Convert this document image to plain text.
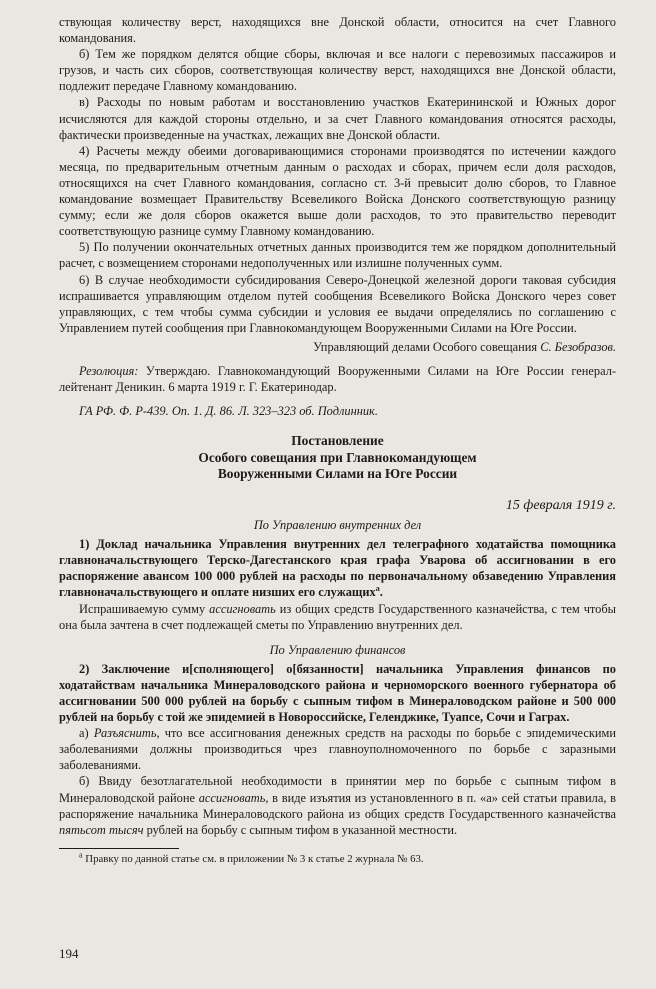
ствующая количеству верст, находящихся вне Донской области, относится на счет Главного командования.

б) Тем же порядком делятся общие сборы, включая и все налоги с перевозимых пассажиров и грузов, и часть сих сборов, соответствующая количеству верст, находящихся вне Донской области, подлежит передаче Главному командованию.

в) Расходы по новым работам и восстановлению участков Екатерининской и Южных дорог исчисляются для каждой стороны отдельно, и за счет Главного командования относятся расходы, фактически произведенные на участках, лежащих вне Донской области.

4) Расчеты между обеими договаривающимися сторонами производятся по истечении каждого месяца, по предварительным отчетным данным о расходах и сборах, причем если доля расходов, относящихся на счет Главного командования, согласно ст. 3-й превысит долю сборов, то Главное командование возмещает Правительству Всевеликого Войска Донского соответствующую разницу сумму; если же доля сборов окажется выше доли расходов, то это правительство переводит соответствующую разнице сумму Главному командованию.

5) По получении окончательных отчетных данных производится тем же порядком дополнительный расчет, с возмещением сторонами недополученных или излишне полученных сумм.

6) В случае необходимости субсидирования Северо-Донецкой железной дороги таковая субсидия испрашивается управляющим отделом путей сообщения Всевеликого Войска Донского через совет управляющих, с тем чтобы сумма субсидии и условия ее выдачи определялись по соглашению с Управлением путей сообщения при Главнокомандующем Вооруженными Силами на Юге России.

Управляющий делами Особого совещания С. Безобразов.

Резолюция: Утверждаю. Главнокомандующий Вооруженными Силами на Юге России генерал-лейтенант Деникин. 6 марта 1919 г. Г. Екатеринодар.

ГА РФ. Ф. Р-439. Оп. 1. Д. 86. Л. 323–323 об. Подлинник.

Постановление

Особого совещания при Главнокомандующем

Вооруженными Силами на Юге России

15 февраля 1919 г.

По Управлению внутренних дел

1) Доклад начальника Управления внутренних дел телеграфного ходатайства помощника главноначальствующего Терско-Дагестанского края графа Уварова об ассигновании в его распоряжение авансом 100 000 рублей на расходы по первоначальному обзаведению Управления главноначальствующего и оплате низших его служащих$^а$.

Испрашиваемую сумму ассигновать из общих средств Государственного казначейства, с тем чтобы она была зачтена в счет подлежащей сметы по Управлению внутренних дел.

По Управлению финансов

2) Заключение и[сполняющего] о[бязанности] начальника Управления финансов по ходатайствам начальника Минераловодского района и черноморского военного губернатора об ассигновании 500 000 рублей на борьбу с сыпным тифом в Минераловодском районе и 500 000 рублей на борьбу с той же эпидемией в Новороссийске, Геленджике, Туапсе, Сочи и Гаграх.

а) Разъяснить, что все ассигнования денежных средств на расходы по борьбе с эпидемическими заболеваниями должны производиться чрез главноуполномоченного по борьбе с заразными заболеваниями.

б) Ввиду безотлагательной необходимости в принятии мер по борьбе с сыпным тифом в Минераловодской районе ассигновать, в виде изъятия из установленного в п. «а» сей статьи правила, в распоряжение начальника Минераловодского района из общих средств Государственного казначейства пятьсот тысяч рублей на борьбу с сыпным тифом в указанной местности.

$^а$ Правку по данной статье см. в приложении № 3 к статье 2 журнала № 63.

194
